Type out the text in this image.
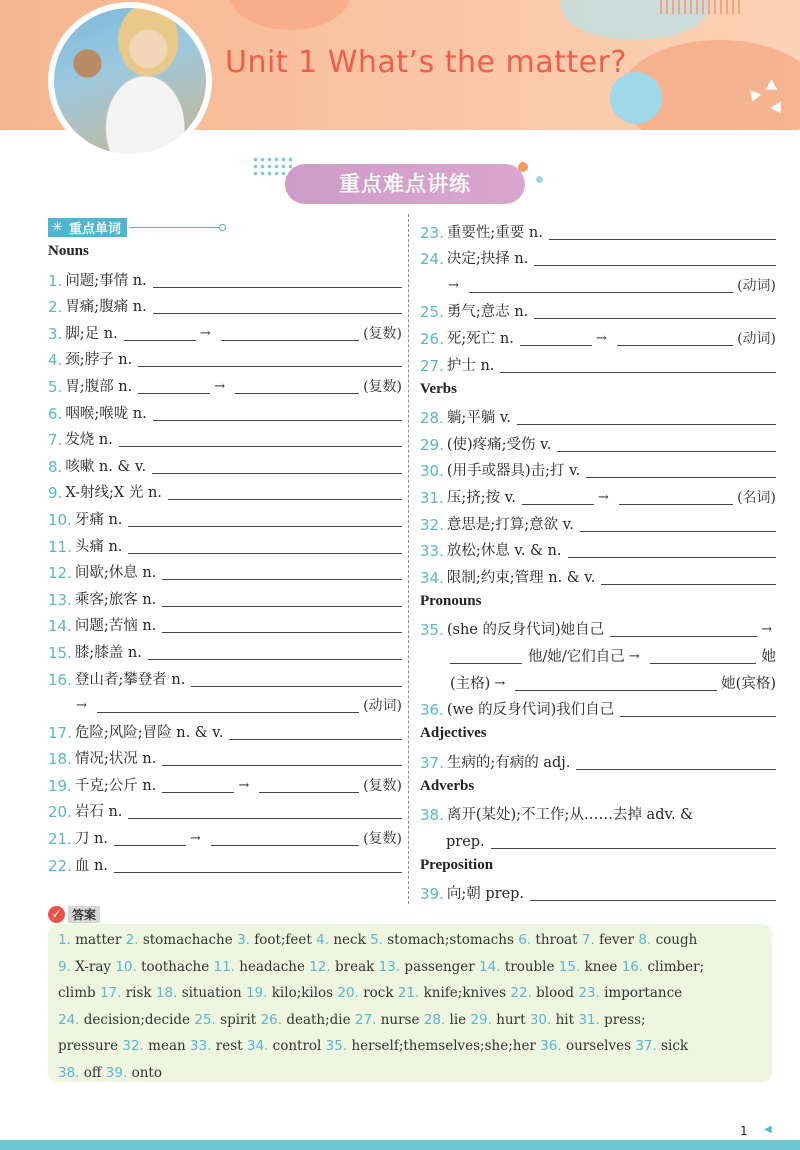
Unit 1 Whatʼs the matter?
重点难点讲练
✳ 重点单词
Nouns
1. 问题;事情 n.
2. 胃痛;腹痛 n.
3. 脚;足 n.	→	(复数)
4. 颈;脖子 n.
5. 胃;腹部 n.	→	(复数)
6. 咽喉;喉咙 n.
7. 发烧 n.
8. 咳嗽 n. & v.
9. X-射线;X 光 n.
10. 牙痛 n.
11. 头痛 n.
12. 间歇;休息 n.
13. 乘客;旅客 n.
14. 问题;苦恼 n.
15. 膝;膝盖 n.
16. 登山者;攀登者 n.
→	(动词)
17. 危险;风险;冒险 n. & v.
18. 情况;状况 n.
19. 千克;公斤 n.	→	(复数)
20. 岩石 n.
21. 刀 n.	→	(复数)
22. 血 n.
23. 重要性;重要 n.
24. 决定;抉择 n.
→	(动词)
25. 勇气;意志 n.
26. 死;死亡 n.	→	(动词)
27. 护士 n.
Verbs
28. 躺;平躺 v.
29. (使)疼痛;受伤 v.
30. (用手或器具)击;打 v.
31. 压;挤;按 v.	→	(名词)
32. 意思是;打算;意欲 v.
33. 放松;休息 v. & n.
34. 限制;约束;管理 n. & v.
Pronouns
35. (she 的反身代词)她自己	→
他/她/它们自己 →	她
(主格) →	她(宾格)
36. (we 的反身代词)我们自己
Adjectives
37. 生病的;有病的 adj.
Adverbs
38. 离开(某处);不工作;从……去掉 adv. &
prep.
Preposition
39. 向;朝 prep.
✓ 答案
1. matter 2. stomachache 3. foot;feet 4. neck 5. stomach;stomachs 6. throat 7. fever 8. cough
9. X-ray 10. toothache 11. headache 12. break 13. passenger 14. trouble 15. knee 16. climber;
climb 17. risk 18. situation 19. kilo;kilos 20. rock 21. knife;knives 22. blood 23. importance
24. decision;decide 25. spirit 26. death;die 27. nurse 28. lie 29. hurt 30. hit 31. press;
pressure 32. mean 33. rest 34. control 35. herself;themselves;she;her 36. ourselves 37. sick
38. off 39. onto
1 ◀
